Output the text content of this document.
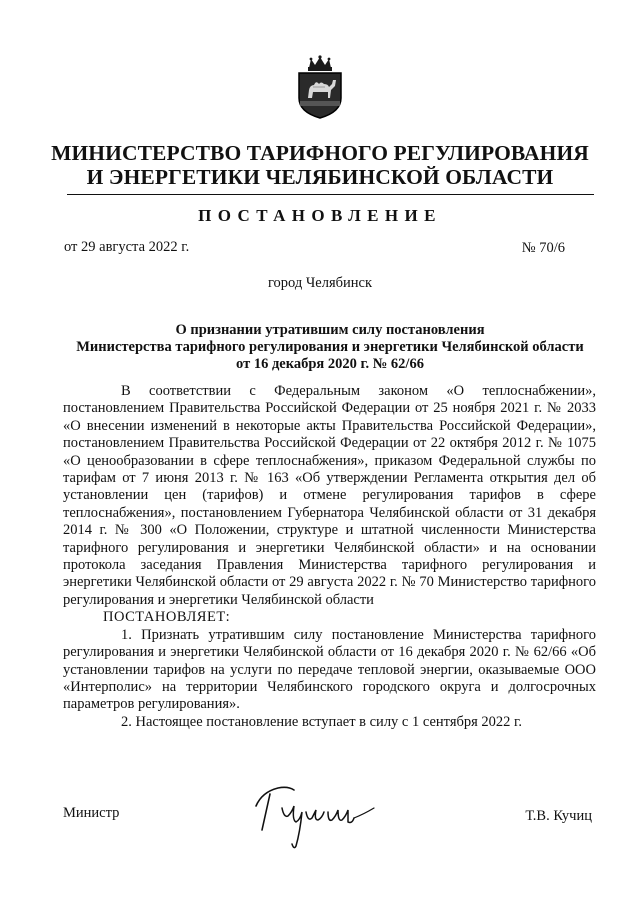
МИНИСТЕРСТВО ТАРИФНОГО РЕГУЛИРОВАНИЯ
И ЭНЕРГЕТИКИ ЧЕЛЯБИНСКОЙ ОБЛАСТИ
ПОСТАНОВЛЕНИЕ
от 29 августа 2022 г.	№ 70/6
город Челябинск
О признании утратившим силу постановления
Министерства тарифного регулирования и энергетики Челябинской области
от 16 декабря 2020 г. № 62/66

В соответствии с Федеральным законом «О теплоснабжении», постановлением Правительства Российской Федерации от 25 ноября 2021 г. № 2033 «О внесении изменений в некоторые акты Правительства Российской Федерации», постановлением Правительства Российской Федерации от 22 октября 2012 г. № 1075 «О ценообразовании в сфере теплоснабжения», приказом Федеральной службы по тарифам от 7 июня 2013 г. № 163 «Об утверждении Регламента открытия дел об установлении цен (тарифов) и отмене регулирования тарифов в сфере теплоснабжения», постановлением Губернатора Челябинской области от 31 декабря 2014 г. № 300 «О Положении, структуре и штатной численности Министерства тарифного регулирования и энергетики Челябинской области» и на основании протокола заседания Правления Министерства тарифного регулирования и энергетики Челябинской области от 29 августа 2022 г. № 70 Министерство тарифного регулирования и энергетики Челябинской области

ПОСТАНОВЛЯЕТ:

1. Признать утратившим силу постановление Министерства тарифного регулирования и энергетики Челябинской области от 16 декабря 2020 г. № 62/66 «Об установлении тарифов на услуги по передаче тепловой энергии, оказываемые ООО «Интерполис» на территории Челябинского городского округа и долгосрочных параметров регулирования».

2. Настоящее постановление вступает в силу с 1 сентября 2022 г.

Министр	Т.В. Кучиц
